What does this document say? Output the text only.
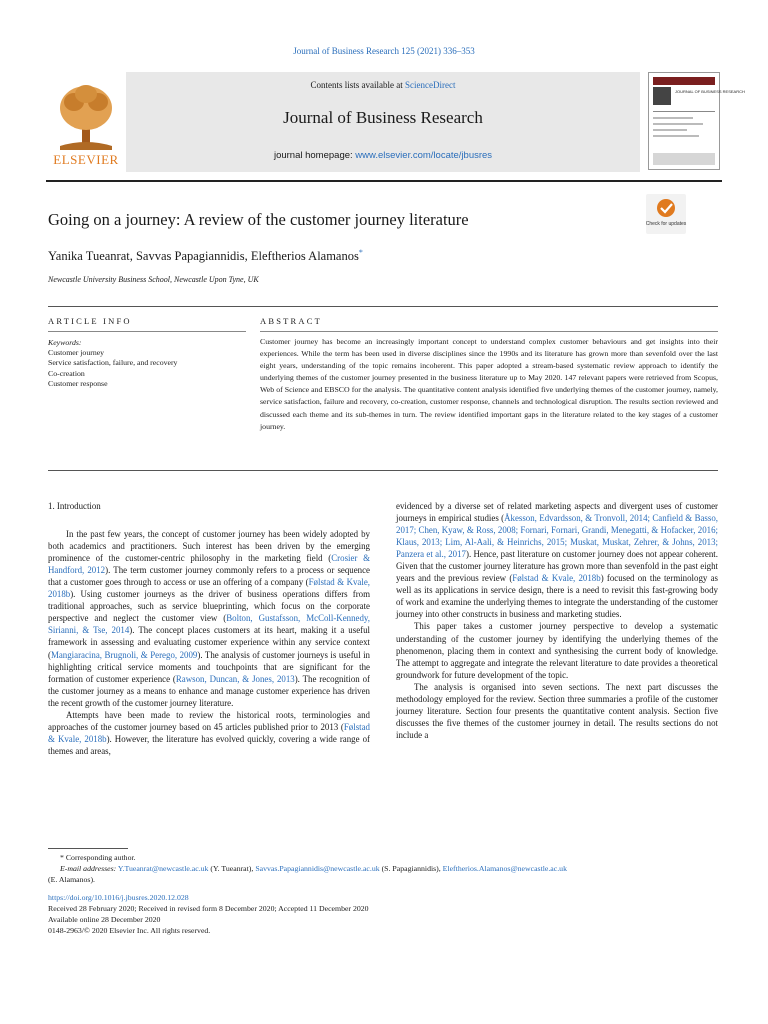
Journal of Business Research 125 (2021) 336–353
ELSEVIER
JOURNAL OF BUSINESS RESEARCH
Contents lists available at ScienceDirect
Journal of Business Research
journal homepage: www.elsevier.com/locate/jbusres
Going on a journey: A review of the customer journey literature	Check for updates
Yanika Tueanrat, Savvas Papagiannidis, Eleftherios Alamanos*
Newcastle University Business School, Newcastle Upon Tyne, UK
ARTICLE INFO	ABSTRACT
Keywords:
Customer journey
Service satisfaction, failure, and recovery
Co-creation
Customer response
Customer journey has become an increasingly important concept to understand complex customer behaviours and get insights into their experiences. While the term has been used in diverse disciplines since the 1990s and its literature has grown more than sevenfold over the last eight years, understanding of the topic remains incoherent. This paper adopted a stream-based systematic review approach to identify the underlying themes of the customer journey presented in the business literature up to May 2020. 147 relevant papers were retrieved from Scopus, Web of Science and EBSCO for the analysis. The quantitative content analysis identified five underlying themes of the customer journey, namely, service satisfaction, failure and recovery, co-creation, customer response, channels and technological disruption. The results section reviewed and discussed each theme and its sub-themes in turn. The review identified important gaps in the literature related to the key stages of a customer journey.

1. Introduction

In the past few years, the concept of customer journey has been widely adopted by both academics and practitioners. Such interest has been driven by the emerging prominence of the customer-centric philosophy in the marketing field (Crosier & Handford, 2012). The term customer journey commonly refers to a process or sequence that a customer goes through to access or use an offering of a company (Følstad & Kvale, 2018b). Using customer journeys as the driver of business operations differs from traditional approaches, such as service blueprinting, which focus on the corporate perspective and neglect the customer view (Bolton, Gustafsson, McColl-Kennedy, Sirianni, & Tse, 2014). The concept places customers at its heart, making it a useful framework in assessing and evaluating customer experience within any service context (Mangiaracina, Brugnoli, & Perego, 2009). The analysis of customer journeys is useful in highlighting critical service moments and touchpoints that are significant for the formation of customer experience (Rawson, Duncan, & Jones, 2013). The recognition of the customer journey as a means to enhance and manage customer experience has driven the recent growth of the customer journey literature.

Attempts have been made to review the historical roots, terminologies and approaches of the customer journey based on 45 articles published prior to 2013 (Følstad & Kvale, 2018b). However, the literature has evolved quickly, covering a wide range of themes and areas,

evidenced by a diverse set of related marketing aspects and divergent uses of customer journeys in empirical studies (Åkesson, Edvardsson, & Tronvoll, 2014; Canfield & Basso, 2017; Chen, Kyaw, & Ross, 2008; Fornari, Fornari, Grandi, Menegatti, & Hofacker, 2016; Klaus, 2013; Lim, Al-Aali, & Heinrichs, 2015; Muskat, Muskat, Zehrer, & Johns, 2013; Panzera et al., 2017). Hence, past literature on customer journey does not appear coherent. Given that the customer journey literature has grown more than sevenfold in the past eight years and the previous review (Følstad & Kvale, 2018b) focused on the terminology as well as its applications in service design, there is a need to revisit this fast-growing body of work and examine the underlying themes to integrate the understanding of the customer journey into other constructs in business and marketing studies.

This paper takes a customer journey perspective to develop a systematic understanding of the customer journey by identifying the underlying themes of the phenomenon, placing them in context and synthesising the current body of knowledge. The attempt to aggregate and integrate the relevant literature to date provides a theoretical groundwork for future development of the topic.

The analysis is organised into seven sections. The next part discusses the methodology employed for the review. Section three summaries a profile of the customer journey literature. Section four presents the quantitative content analysis. Section five discusses the five themes of the customer journey in detail. The results sections do not include a

* Corresponding author.
E-mail addresses: Y.Tueanrat@newcastle.ac.uk (Y. Tueanrat), Savvas.Papagiannidis@newcastle.ac.uk (S. Papagiannidis), Eleftherios.Alamanos@newcastle.ac.uk
(E. Alamanos).
https://doi.org/10.1016/j.jbusres.2020.12.028
Received 28 February 2020; Received in revised form 8 December 2020; Accepted 11 December 2020
Available online 28 December 2020
0148-2963/© 2020 Elsevier Inc. All rights reserved.
